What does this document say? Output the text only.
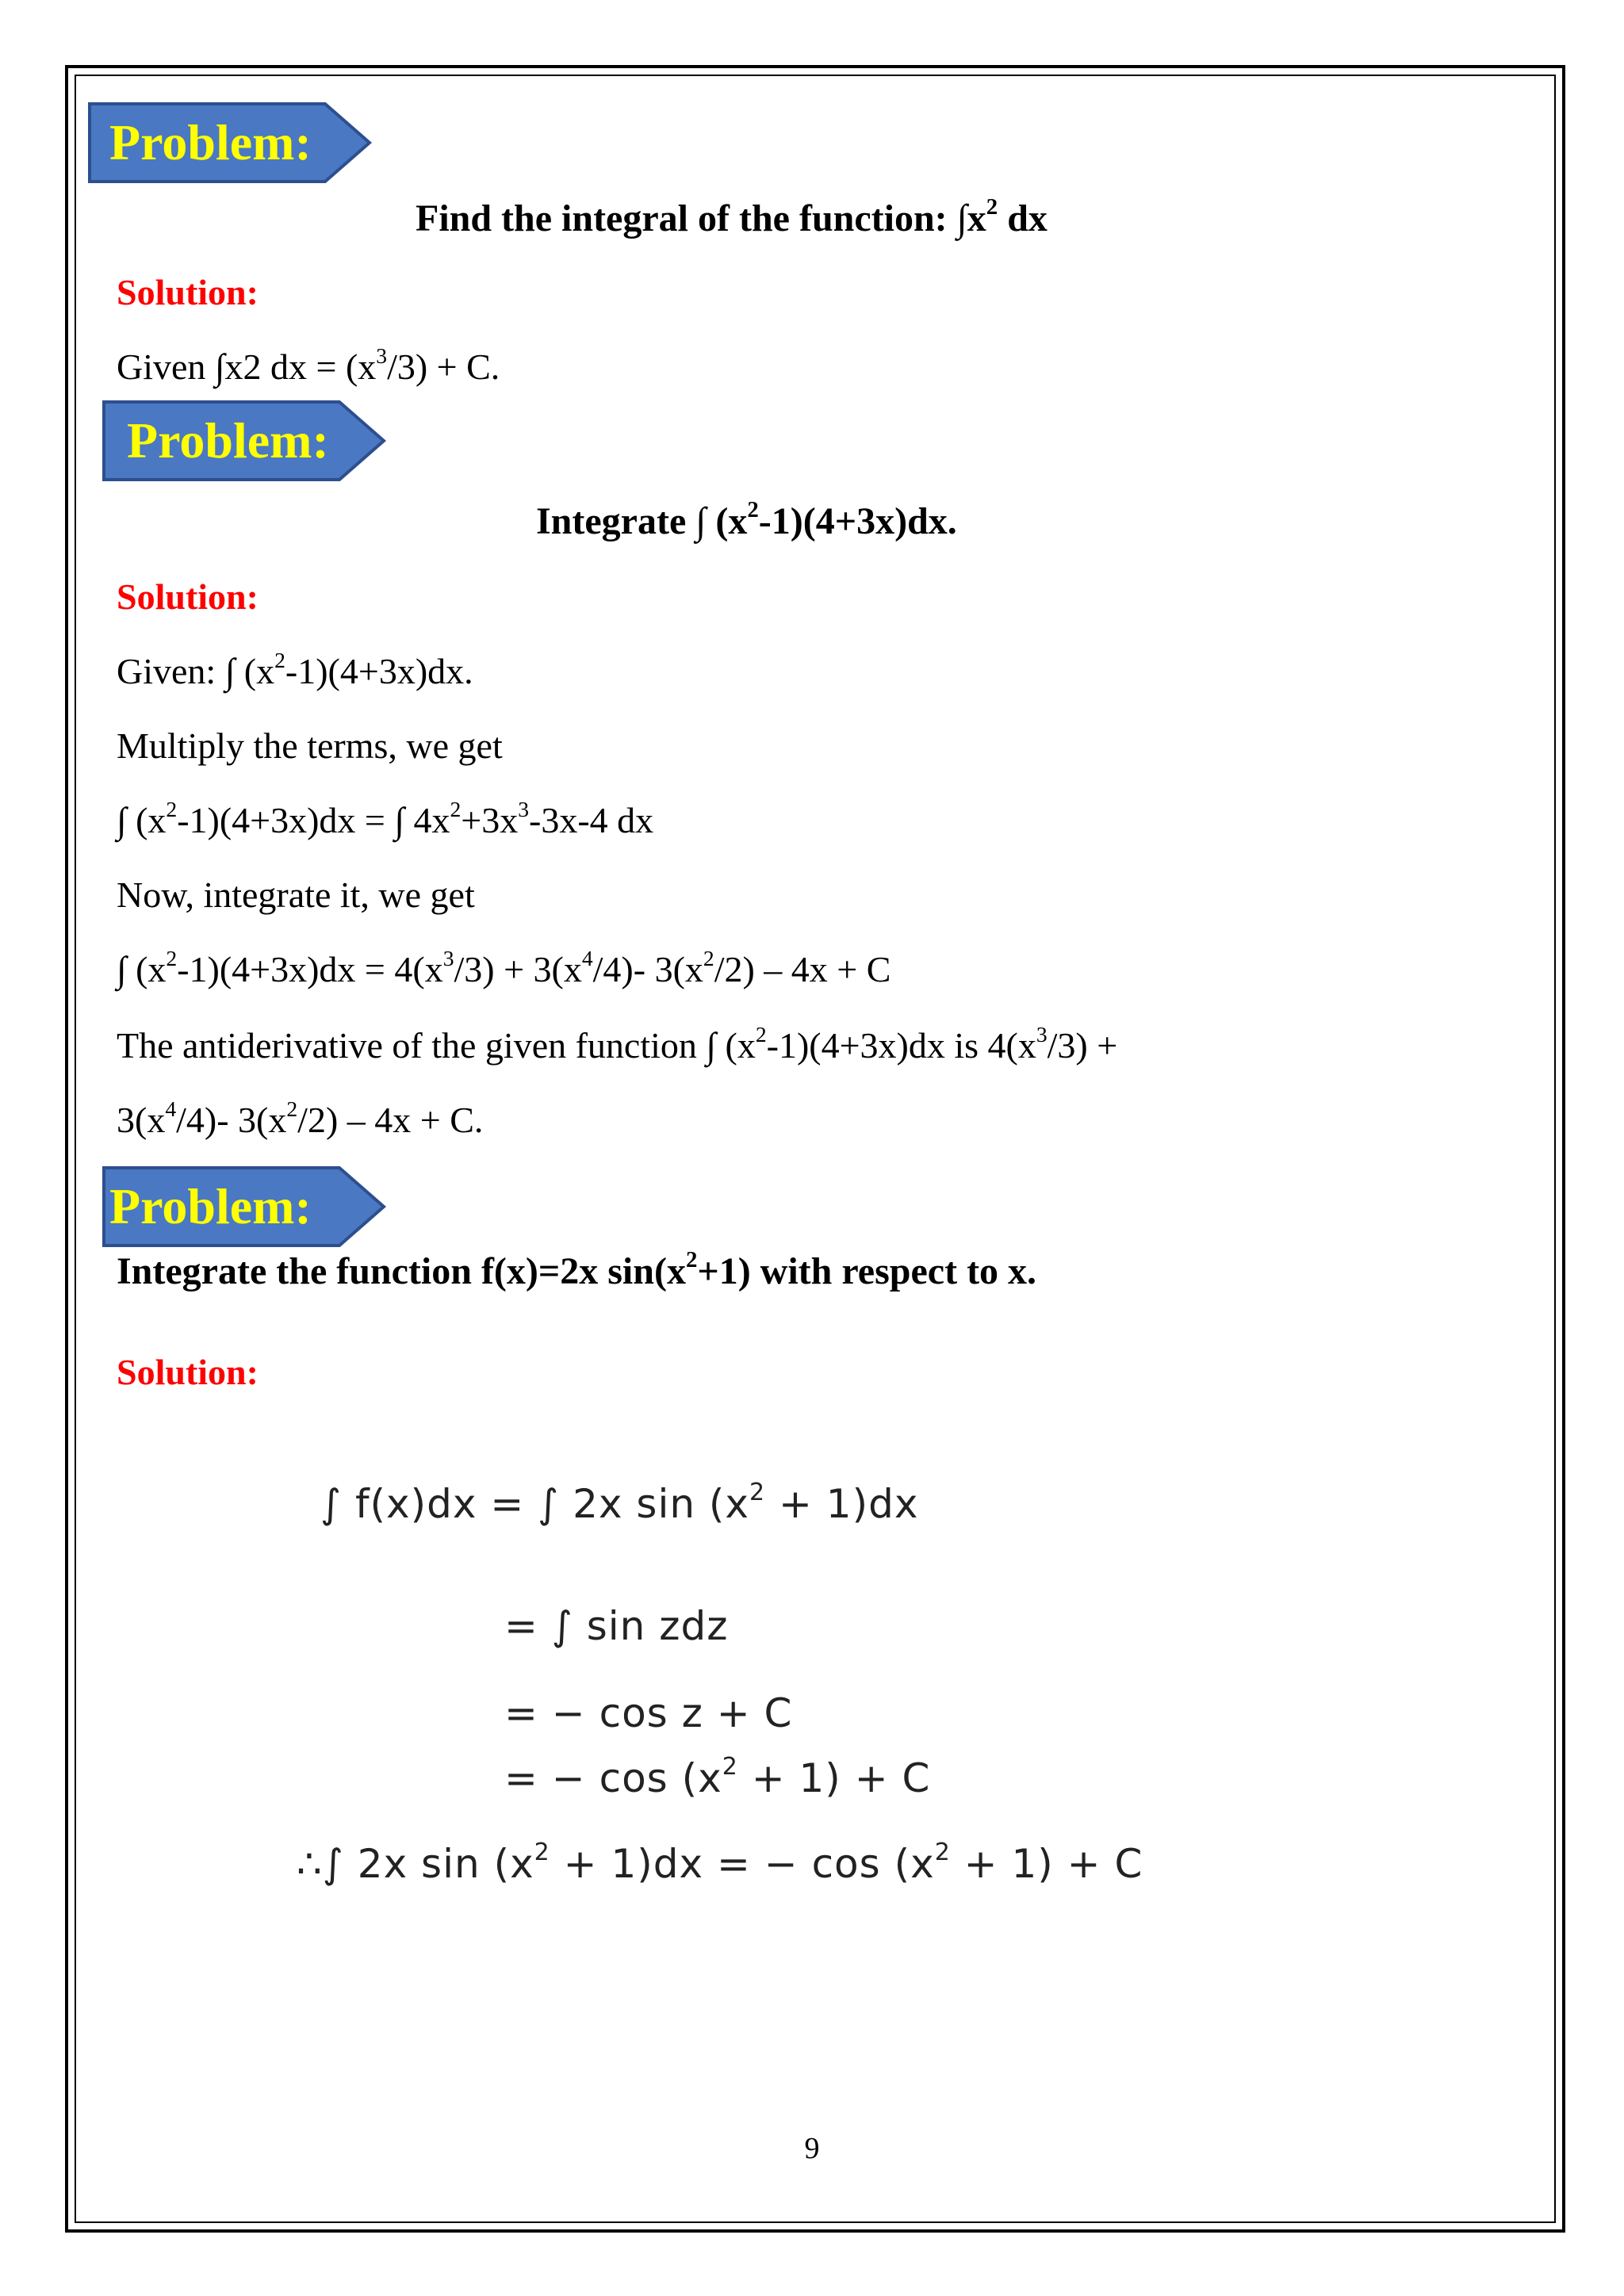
Problem:
Find the integral of the function: $\int x^2$ dx
Solution:
Given ∫x2 dx = $(x^3/3) + C$.
Problem:
Integrate ∫ $(x^2-1)(4+3x)dx$.
Solution:
Given: ∫ $(x^2-1)(4+3x)dx$.
Multiply the terms, we get
∫ $(x^2-1)(4+3x)dx$ = ∫ $4x^2+3x^3-3x-4$ dx
Now, integrate it, we get
∫ $(x^2-1)(4+3x)dx = 4(x^3/3) + 3(x^4/4)-$ $3(x^2/2) - 4x + C$
The antiderivative of the given function ∫ $(x^2-1)(4+3x)dx$ is $4(x^3/3)$ +
$3(x^4/4)-$ $3(x^2/2) - 4x + C$.
Problem:
Integrate the function f(x)=2x $\sin(x^2+1)$ with respect to x.
Solution:
∫ f(x)dx = ∫ 2x $\sin (x^2 + 1)dx$
= ∫ sin zdz
= − cos z + C
= − $\cos (x^2 + 1) + C$
∴∫ 2x $\sin (x^2 + 1)dx$ = − $\cos (x^2 + 1) + C$
9
